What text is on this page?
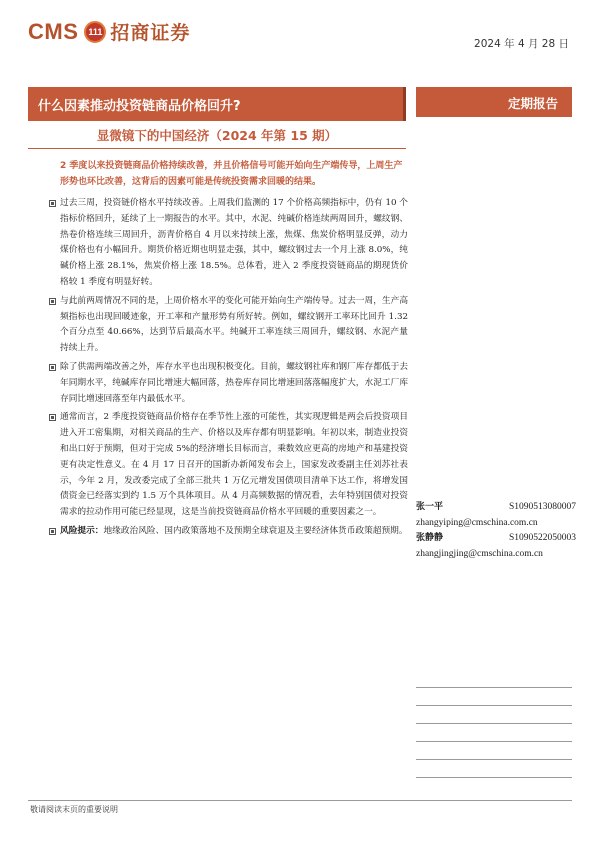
CMS	111 招商证券	2024 年 4 月 28 日
什么因素推动投资链商品价格回升?	定期报告
显微镜下的中国经济（2024 年第 15 期）
2 季度以来投资链商品价格持续改善，并且价格信号可能开始向生产端传导，上周生产形势也环比改善，这背后的因素可能是传统投资需求回暖的结果。
过去三周，投资链价格水平持续改善。上周我们监测的 17 个价格高频指标中，仍有 10 个指标价格回升，延续了上一期报告的水平。其中，水泥、纯碱价格连续两周回升，螺纹钢、热卷价格连续三周回升，沥青价格自 4 月以来持续上涨，焦煤、焦炭价格明显反弹，动力煤价格也有小幅回升。期货价格近期也明显走强，其中，螺纹钢过去一个月上涨 8.0%，纯碱价格上涨 28.1%，焦炭价格上涨 18.5%。总体看，进入 2 季度投资链商品的期现货价格较 1 季度有明显好转。
与此前两周情况不同的是，上周价格水平的变化可能开始向生产端传导。过去一周，生产高频指标也出现回暖迹象，开工率和产量形势有所好转。例如，螺纹钢开工率环比回升 1.32 个百分点至 40.66%，达到节后最高水平。纯碱开工率连续三周回升，螺纹钢、水泥产量持续上升。
除了供需两端改善之外，库存水平也出现积极变化。目前，螺纹钢社库和钢厂库存都低于去年同期水平，纯碱库存同比增速大幅回落，热卷库存同比增速回落落幅度扩大，水泥工厂库存同比增速回落至年内最低水平。
通常而言，2 季度投资链商品价格存在季节性上涨的可能性，其实现逻辑是两会后投资项目进入开工密集期，对相关商品的生产、价格以及库存都有明显影响。年初以来，制造业投资和出口好于预期，但对于完成 5%的经济增长目标而言，乘数效应更高的房地产和基建投资更有决定性意义。在 4 月 17 日召开的国新办新闻发布会上，国家发改委副主任刘苏社表示，今年 2 月，发改委完成了全部三批共 1 万亿元增发国债项目清单下达工作，将增发国债资金已经落实到约 1.5 万个具体项目。从 4 月高频数据的情况看，去年特别国债对投资需求的拉动作用可能已经显现，这是当前投资链商品价格水平回暖的重要因素之一。
风险提示：地缘政治风险、国内政策落地不及预期全球衰退及主要经济体货币政策超预期。
张一平	S1090513080007
zhangyiping@cmschina.com.cn
张静静	S1090522050003
zhangjingjing@cmschina.com.cn
敬请阅读末页的重要说明
